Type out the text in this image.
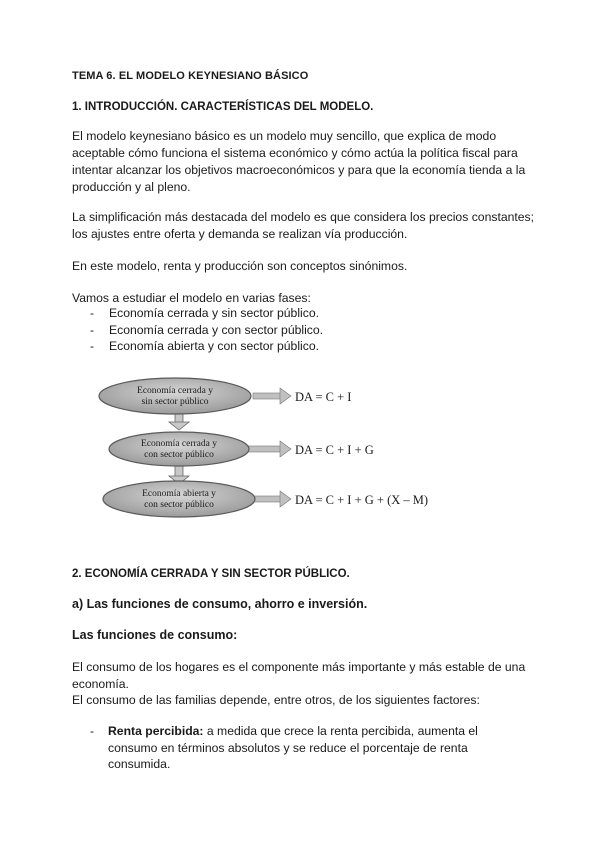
TEMA 6. EL MODELO KEYNESIANO BÁSICO

1. INTRODUCCIÓN. CARACTERÍSTICAS DEL MODELO.

El modelo keynesiano básico es un modelo muy sencillo, que explica de modo aceptable cómo funciona el sistema económico y cómo actúa la política fiscal para intentar alcanzar los objetivos macroeconómicos y para que la economía tienda a la producción y al pleno.

La simplificación más destacada del modelo es que considera los precios constantes; los ajustes entre oferta y demanda se realizan vía producción.

En este modelo, renta y producción son conceptos sinónimos.

Vamos a estudiar el modelo en varias fases:

- Economía cerrada y sin sector público.
- Economía cerrada y con sector público.
- Economía abierta y con sector público.
Economía cerrada y
sin sector público
Economía cerrada y
con sector público
Economía abierta y
con sector público
DA = C + I
DA = C + I + G
DA = C + I + G + (X – M)

2. ECONOMÍA CERRADA Y SIN SECTOR PÚBLICO.

a) Las funciones de consumo, ahorro e inversión.

Las funciones de consumo:

El consumo de los hogares es el componente más importante y más estable de una economía.

El consumo de las familias depende, entre otros, de los siguientes factores:

-	Renta percibida: a medida que crece la renta percibida, aumenta el consumo en términos absolutos y se reduce el porcentaje de renta consumida.
